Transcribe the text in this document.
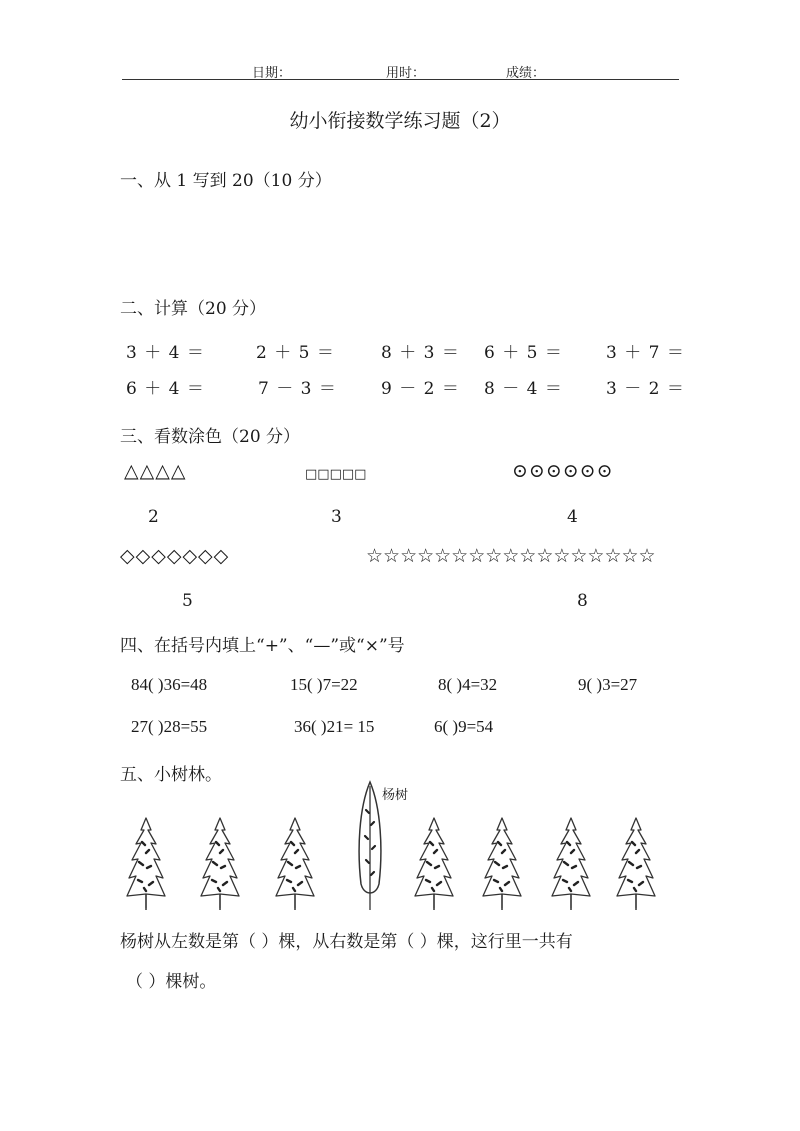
日期：	用时：	成绩：
幼小衔接数学练习题（2）
一、从 1 写到 20（10 分）
二、计算（20 分）
3 ＋ 4 ＝	2 ＋ 5 ＝	8 ＋ 3 ＝ 6 ＋ 5 ＝	3 ＋ 7 ＝
6 ＋ 4 ＝	7 － 3 ＝	9 － 2 ＝ 8 － 4 ＝	3 － 2 ＝
三、看数涂色（20 分）
△△△△	□□□□□	⊙⊙⊙⊙⊙⊙
2	3	4
◇◇◇◇◇◇◇	☆☆☆☆☆☆☆☆☆☆☆☆☆☆☆☆☆
5	8
四、在括号内填上“+”、“—”或“×”号
84( )36=48	15( )7=22	8( )4=32	9( )3=27
27( )28=55	36( )21= 15	6( )9=54
五、小树林。
杨树
杨树从左数是第（ ）棵，从右数是第（ ）棵，这行里一共有
（ ）棵树。
